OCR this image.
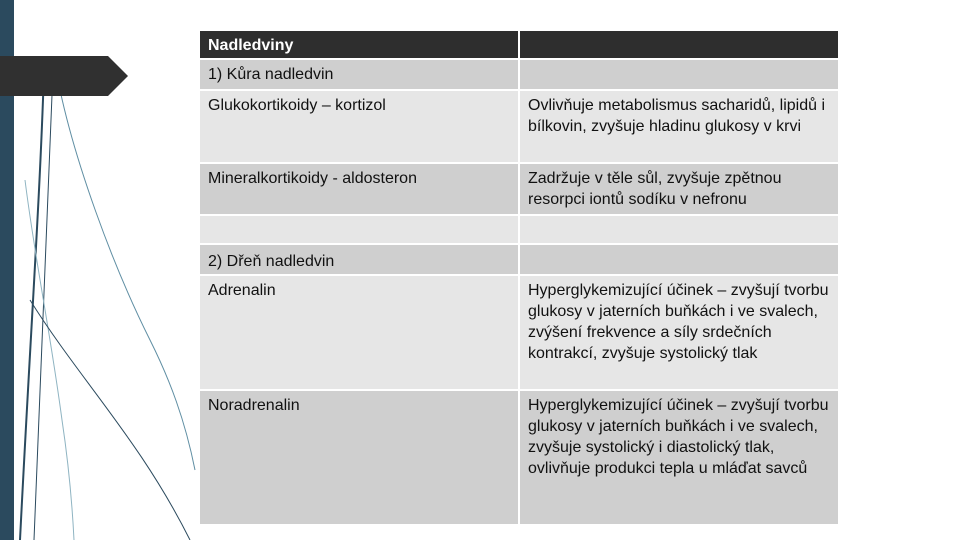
Nadledviny	
1) Kůra nadledvin	
Glukokortikoidy – kortizol	Ovlivňuje metabolismus sacharidů, lipidů i bílkovin, zvyšuje hladinu glukosy v krvi
Mineralkortikoidy - aldosteron	Zadržuje v těle sůl, zvyšuje zpětnou resorpci iontů sodíku v nefronu

2) Dřeň nadledvin	
Adrenalin	Hyperglykemizující účinek – zvyšují tvorbu glukosy v jaterních buňkách i ve svalech, zvýšení frekvence a síly srdečních kontrakcí, zvyšuje systolický tlak
Noradrenalin	Hyperglykemizující účinek – zvyšují tvorbu glukosy v jaterních buňkách i ve svalech, zvyšuje systolický i diastolický tlak, ovlivňuje produkci tepla u mláďat savců
